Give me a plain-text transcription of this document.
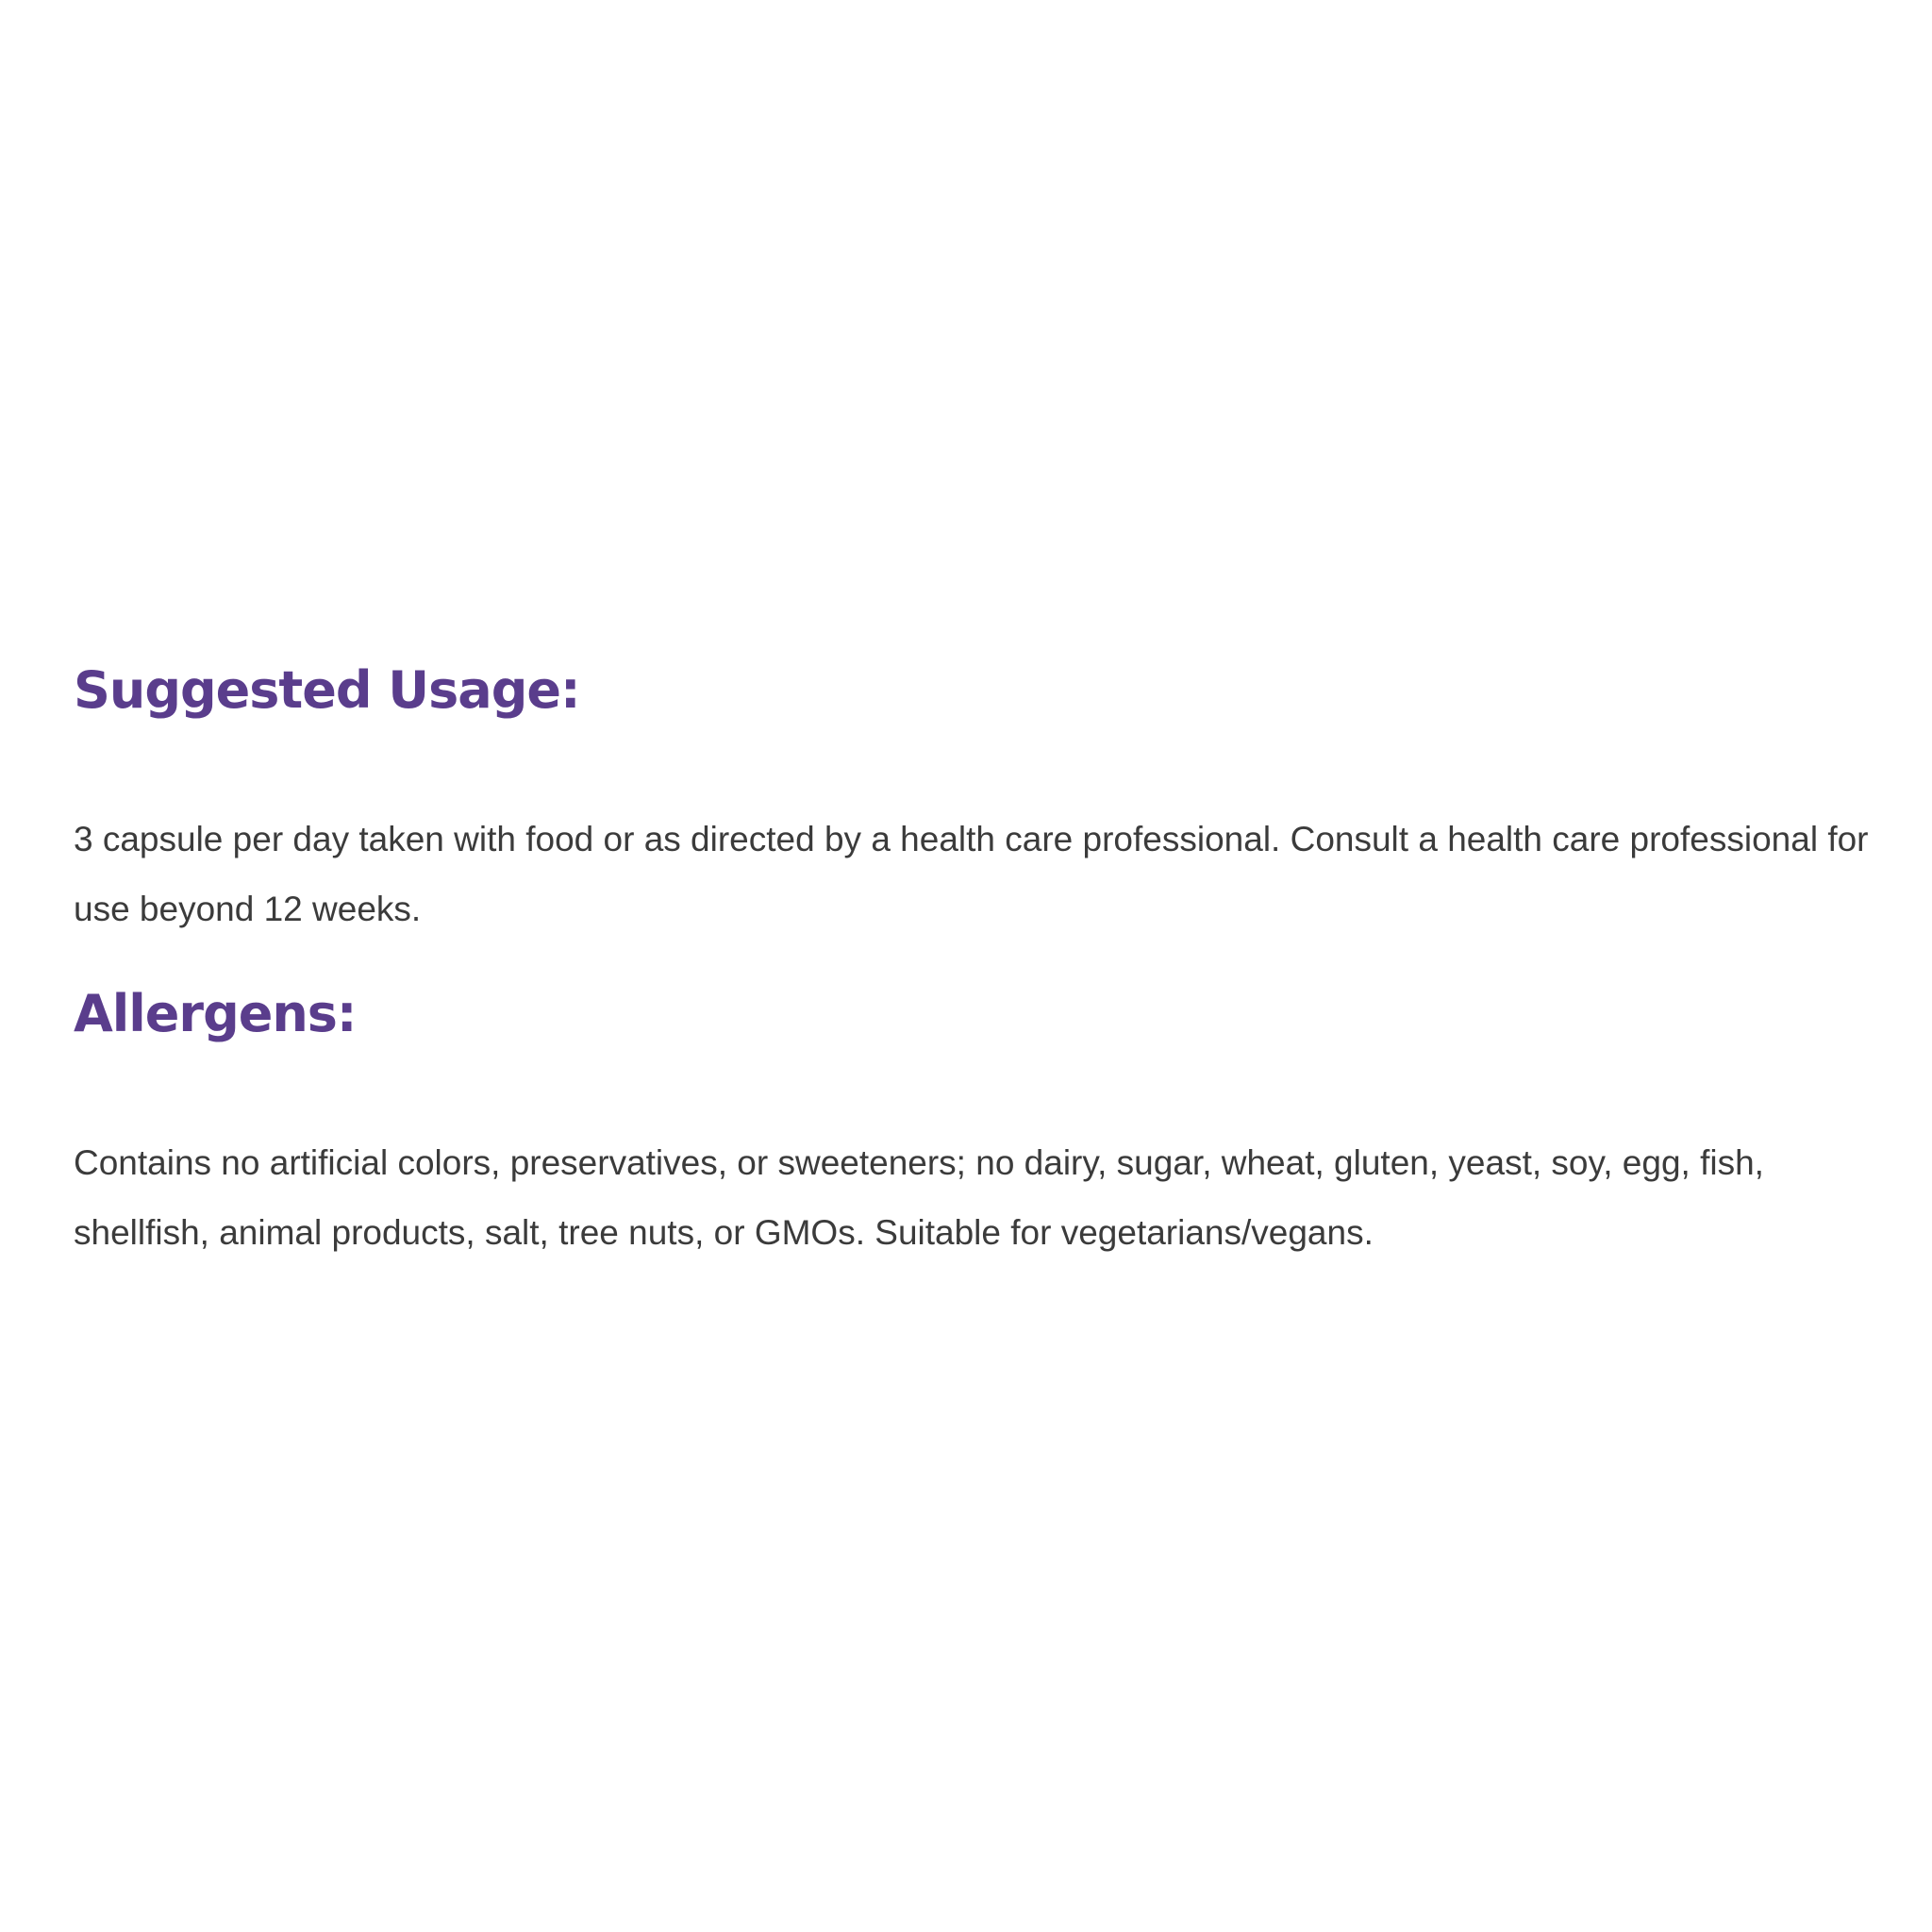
Suggested Usage:

3 capsule per day taken with food or as directed by a health care professional. Consult a health care professional for use beyond 12 weeks.

Allergens:

Contains no artificial colors, preservatives, or sweeteners; no dairy, sugar, wheat, gluten, yeast, soy, egg, fish, shellfish, animal products, salt, tree nuts, or GMOs. Suitable for vegetarians/vegans.
